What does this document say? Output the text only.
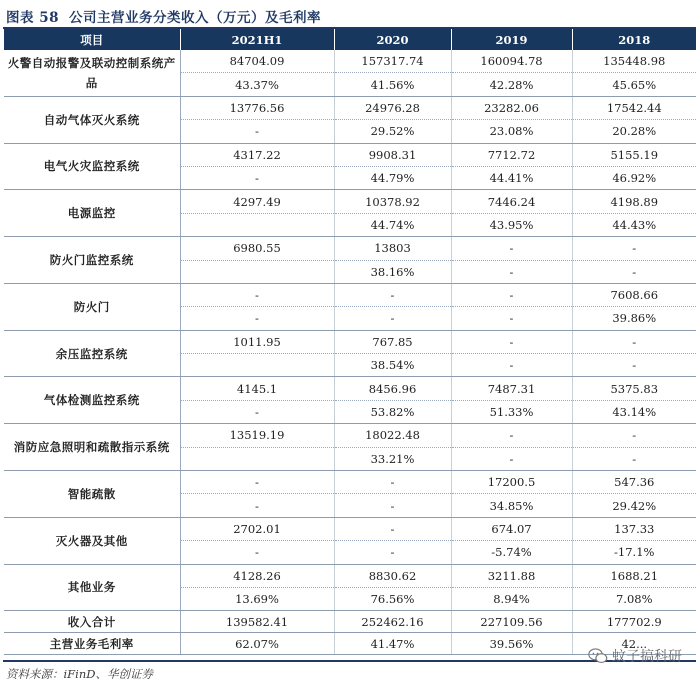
图表 58 公司主营业务分类收入（万元）及毛利率
项目	2021H1	2020	2019	2018
火警自动报警及联动控制系统产品	84704.09	157317.74	160094.78	135448.98
	43.37%	41.56%	42.28%	45.65%
自动气体灭火系统	13776.56	24976.28	23282.06	17542.44
	-	29.52%	23.08%	20.28%
电气火灾监控系统	4317.22	9908.31	7712.72	5155.19
	-	44.79%	44.41%	46.92%
电源监控	4297.49	10378.92	7446.24	4198.89
		44.74%	43.95%	44.43%
防火门监控系统	6980.55	13803	-	-
		38.16%	-	-
防火门	-	-	-	7608.66
	-	-	-	39.86%
余压监控系统	1011.95	767.85	-	-
		38.54%	-	-
气体检测监控系统	4145.1	8456.96	7487.31	5375.83
	-	53.82%	51.33%	43.14%
消防应急照明和疏散指示系统	13519.19	18022.48	-	-
		33.21%	-	-
智能疏散	-	-	17200.5	547.36
	-	-	34.85%	29.42%
灭火器及其他	2702.01	-	674.07	137.33
	-	-	-5.74%	-17.1%
其他业务	4128.26	8830.62	3211.88	1688.21
	13.69%	76.56%	8.94%	7.08%
收入合计	139582.41	252462.16	227109.56	177702.9
主营业务毛利率	62.07%	41.47%	39.56%	42...
资料来源：iFinD、华创证券
蚊子搞科研
